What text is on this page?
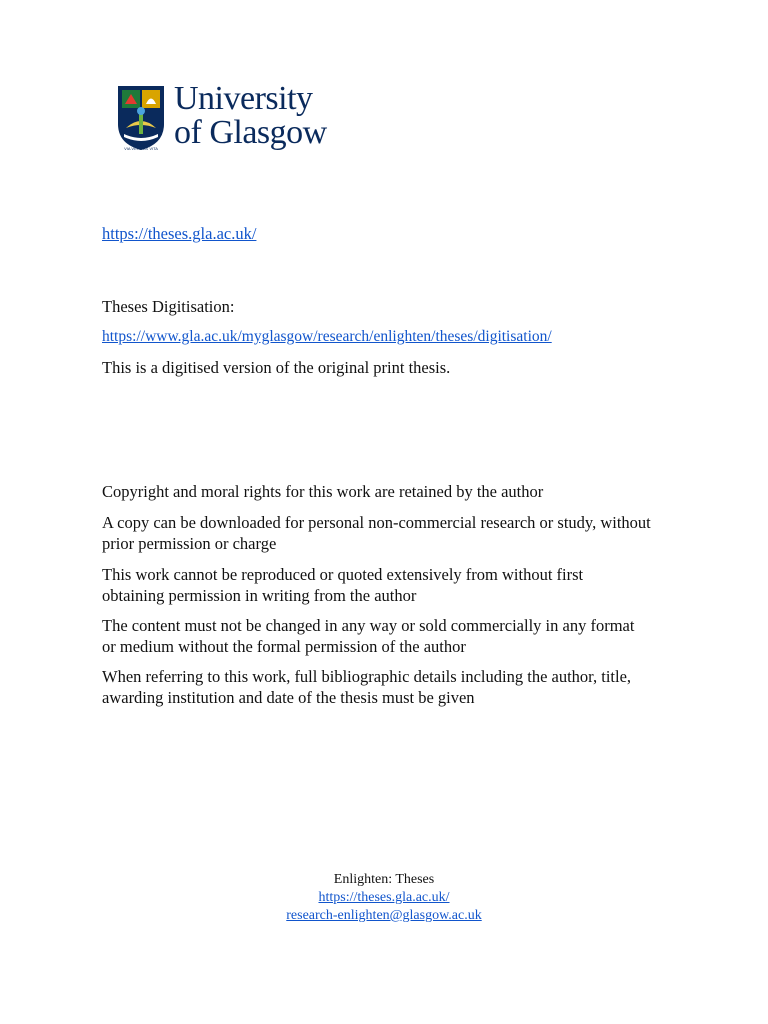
VIA VERITAS VITA
University
of Glasgow

https://theses.gla.ac.uk/

Theses Digitisation:

https://www.gla.ac.uk/myglasgow/research/enlighten/theses/digitisation/

This is a digitised version of the original print thesis.

Copyright and moral rights for this work are retained by the author

A copy can be downloaded for personal non-commercial research or study, without prior permission or charge

This work cannot be reproduced or quoted extensively from without first obtaining permission in writing from the author

The content must not be changed in any way or sold commercially in any format or medium without the formal permission of the author

When referring to this work, full bibliographic details including the author, title, awarding institution and date of the thesis must be given

Enlighten: Theses
https://theses.gla.ac.uk/
research-enlighten@glasgow.ac.uk
